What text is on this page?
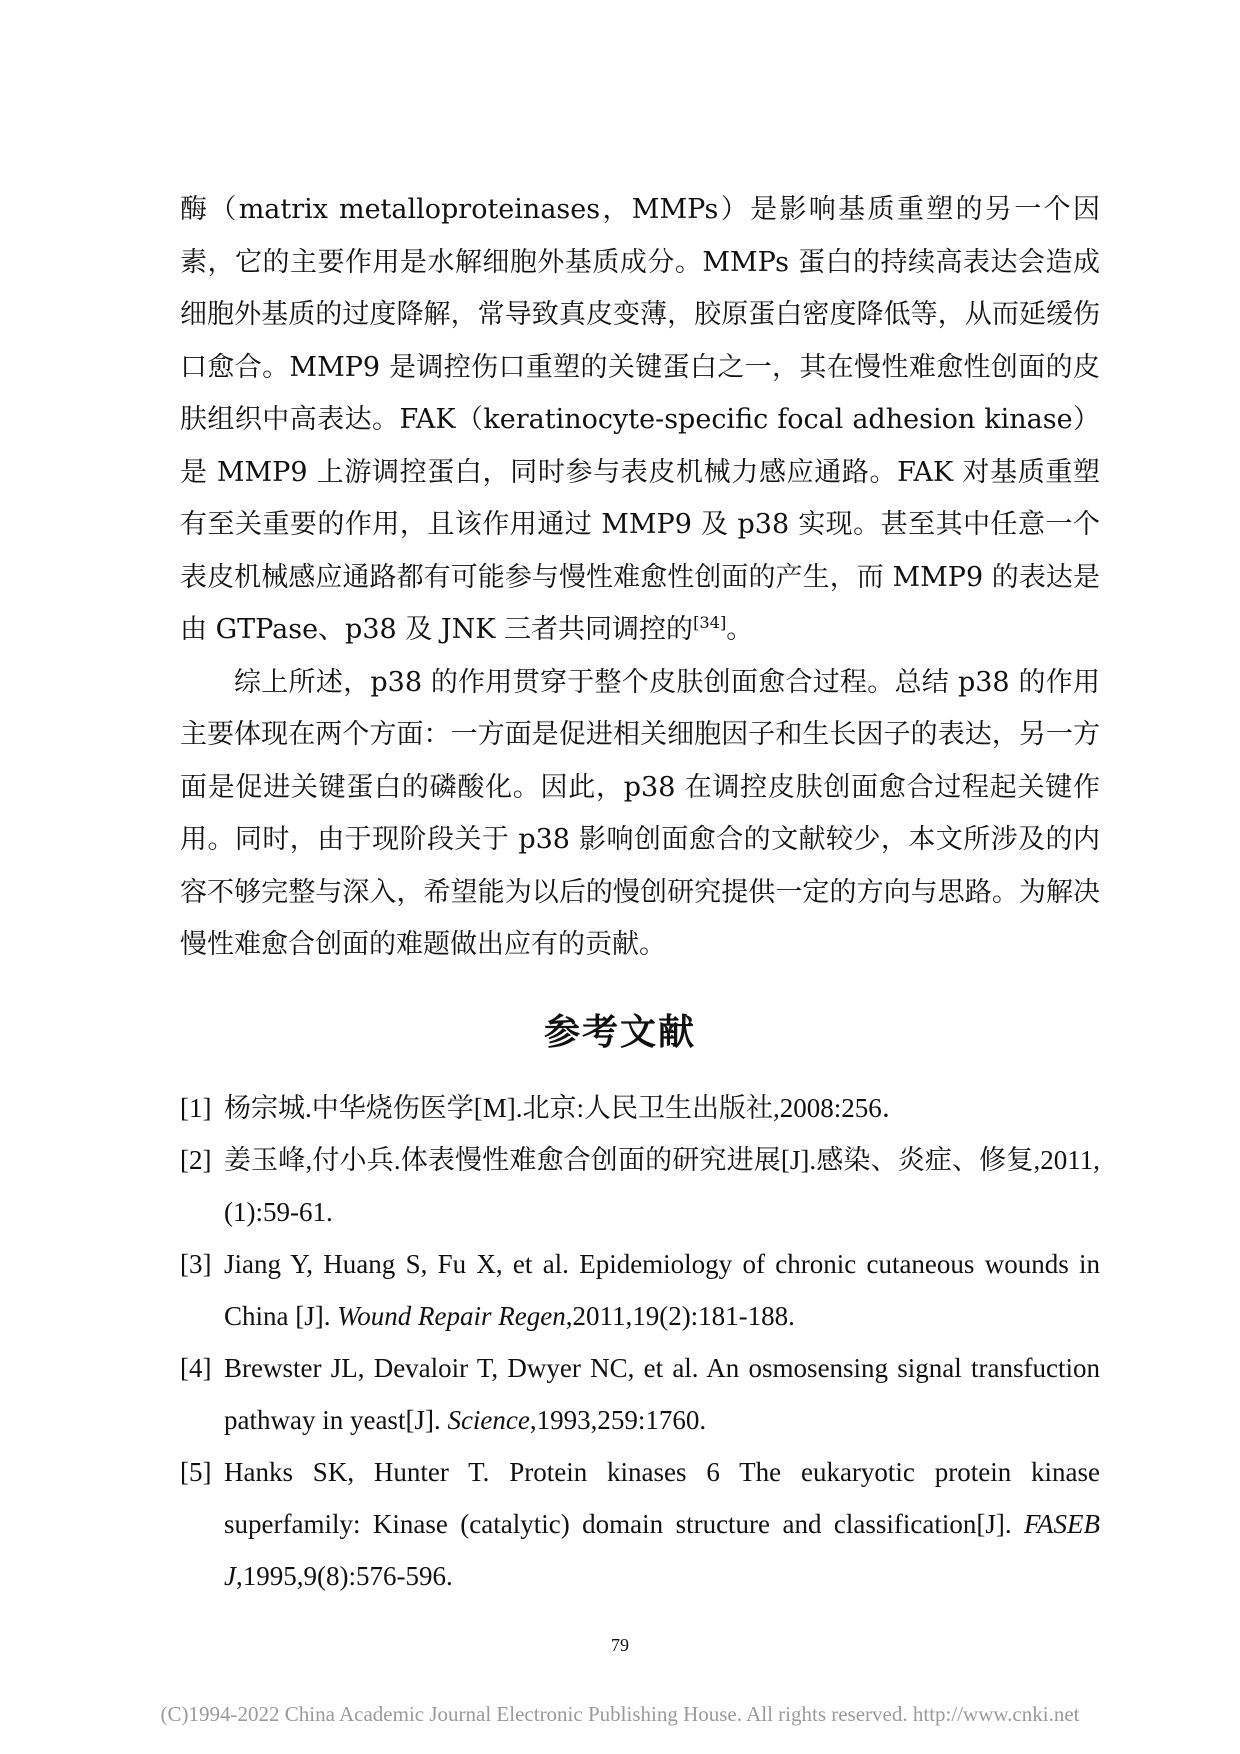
酶（matrix metalloproteinases，MMPs）是影响基质重塑的另一个因素，它的主要作用是水解细胞外基质成分。MMPs 蛋白的持续高表达会造成细胞外基质的过度降解，常导致真皮变薄，胶原蛋白密度降低等，从而延缓伤口愈合。MMP9 是调控伤口重塑的关键蛋白之一，其在慢性难愈性创面的皮肤组织中高表达。FAK（keratinocyte-specific focal adhesion kinase）是 MMP9 上游调控蛋白，同时参与表皮机械力感应通路。FAK 对基质重塑有至关重要的作用，且该作用通过 MMP9 及 p38 实现。甚至其中任意一个表皮机械感应通路都有可能参与慢性难愈性创面的产生，而 MMP9 的表达是由 GTPase、p38 及 JNK 三者共同调控的[34]。

综上所述，p38 的作用贯穿于整个皮肤创面愈合过程。总结 p38 的作用主要体现在两个方面：一方面是促进相关细胞因子和生长因子的表达，另一方面是促进关键蛋白的磷酸化。因此，p38 在调控皮肤创面愈合过程起关键作用。同时，由于现阶段关于 p38 影响创面愈合的文献较少，本文所涉及的内容不够完整与深入，希望能为以后的慢创研究提供一定的方向与思路。为解决慢性难愈合创面的难题做出应有的贡献。

参考文献
[1] 杨宗城.中华烧伤医学[M].北京:人民卫生出版社,2008:256．
[2] 姜玉峰,付小兵.体表慢性难愈合创面的研究进展[J].感染、炎症、修复,2011,(1):59-61.
[3] Jiang Y, Huang S, Fu X, et al. Epidemiology of chronic cutaneous wounds in China [J]. Wound Repair Regen,2011,19(2):181-188.
[4] Brewster JL, Devaloir T, Dwyer NC, et al. An osmosensing signal transfuction pathway in yeast[J]. Science,1993,259:1760.
[5] Hanks SK, Hunter T. Protein kinases 6 The eukaryotic protein kinase superfamily: Kinase (catalytic) domain structure and classification[J]. FASEB J,1995,9(8):576-596.
79
(C)1994-2022 China Academic Journal Electronic Publishing House. All rights reserved. http://www.cnki.net
